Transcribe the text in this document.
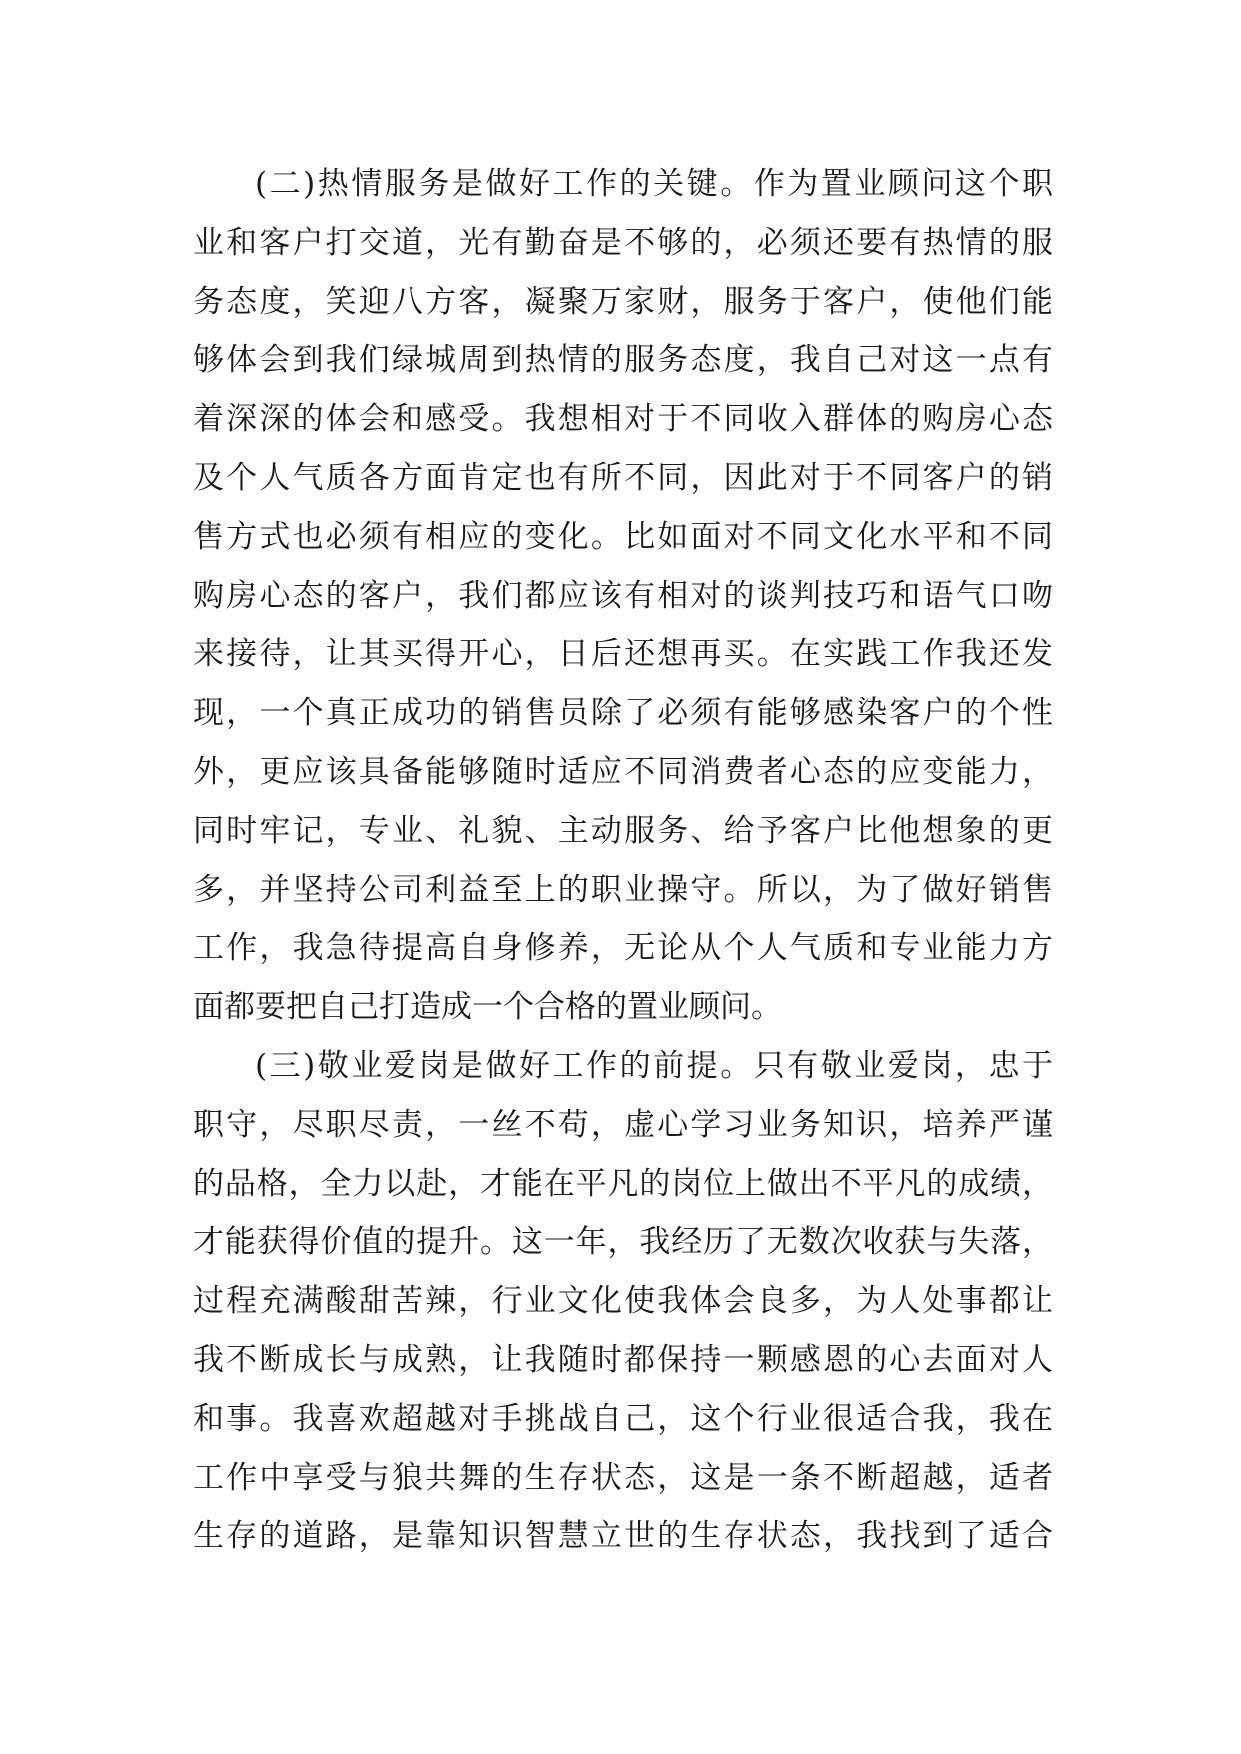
(二)热情服务是做好工作的关键。作为置业顾问这个职
业和客户打交道，光有勤奋是不够的，必须还要有热情的服
务态度，笑迎八方客，凝聚万家财，服务于客户，使他们能
够体会到我们绿城周到热情的服务态度，我自己对这一点有
着深深的体会和感受。我想相对于不同收入群体的购房心态
及个人气质各方面肯定也有所不同，因此对于不同客户的销
售方式也必须有相应的变化。比如面对不同文化水平和不同
购房心态的客户，我们都应该有相对的谈判技巧和语气口吻
来接待，让其买得开心，日后还想再买。在实践工作我还发
现，一个真正成功的销售员除了必须有能够感染客户的个性
外，更应该具备能够随时适应不同消费者心态的应变能力，
同时牢记，专业、礼貌、主动服务、给予客户比他想象的更
多，并坚持公司利益至上的职业操守。所以，为了做好销售
工作，我急待提高自身修养，无论从个人气质和专业能力方
面都要把自己打造成一个合格的置业顾问。
(三)敬业爱岗是做好工作的前提。只有敬业爱岗，忠于
职守，尽职尽责，一丝不苟，虚心学习业务知识，培养严谨
的品格，全力以赴，才能在平凡的岗位上做出不平凡的成绩，
才能获得价值的提升。这一年，我经历了无数次收获与失落，
过程充满酸甜苦辣，行业文化使我体会良多，为人处事都让
我不断成长与成熟，让我随时都保持一颗感恩的心去面对人
和事。我喜欢超越对手挑战自己，这个行业很适合我，我在
工作中享受与狼共舞的生存状态，这是一条不断超越，适者
生存的道路，是靠知识智慧立世的生存状态，我找到了适合
